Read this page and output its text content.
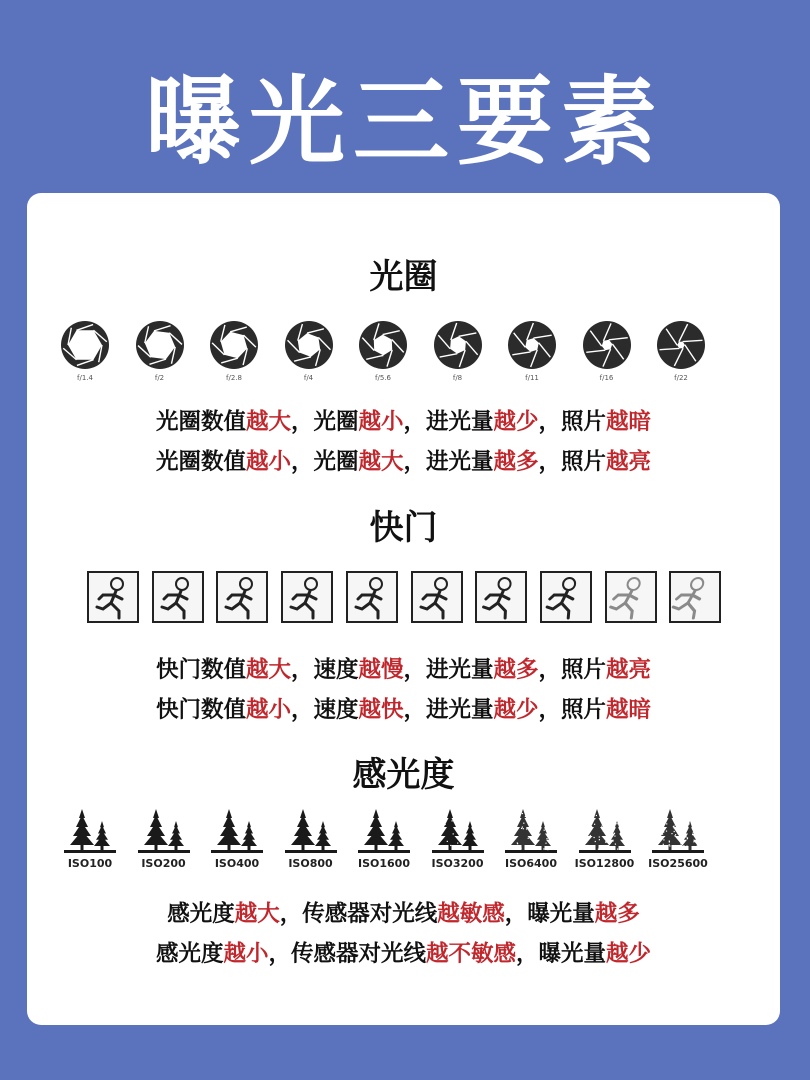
曝光三要素
光圈
f/1.4	f/2	f/2.8	f/4	f/5.6	f/8	f/11	f/16	f/22
光圈数值越大，光圈越小，进光量越少，照片越暗
光圈数值越小，光圈越大，进光量越多，照片越亮
快门
快门数值越大，速度越慢，进光量越多，照片越亮
快门数值越小，速度越快，进光量越少，照片越暗
感光度
ISO100	ISO200	ISO400	ISO800	ISO1600	ISO3200	ISO6400	ISO12800	ISO25600
感光度越大，传感器对光线越敏感，曝光量越多
感光度越小，传感器对光线越不敏感，曝光量越少
